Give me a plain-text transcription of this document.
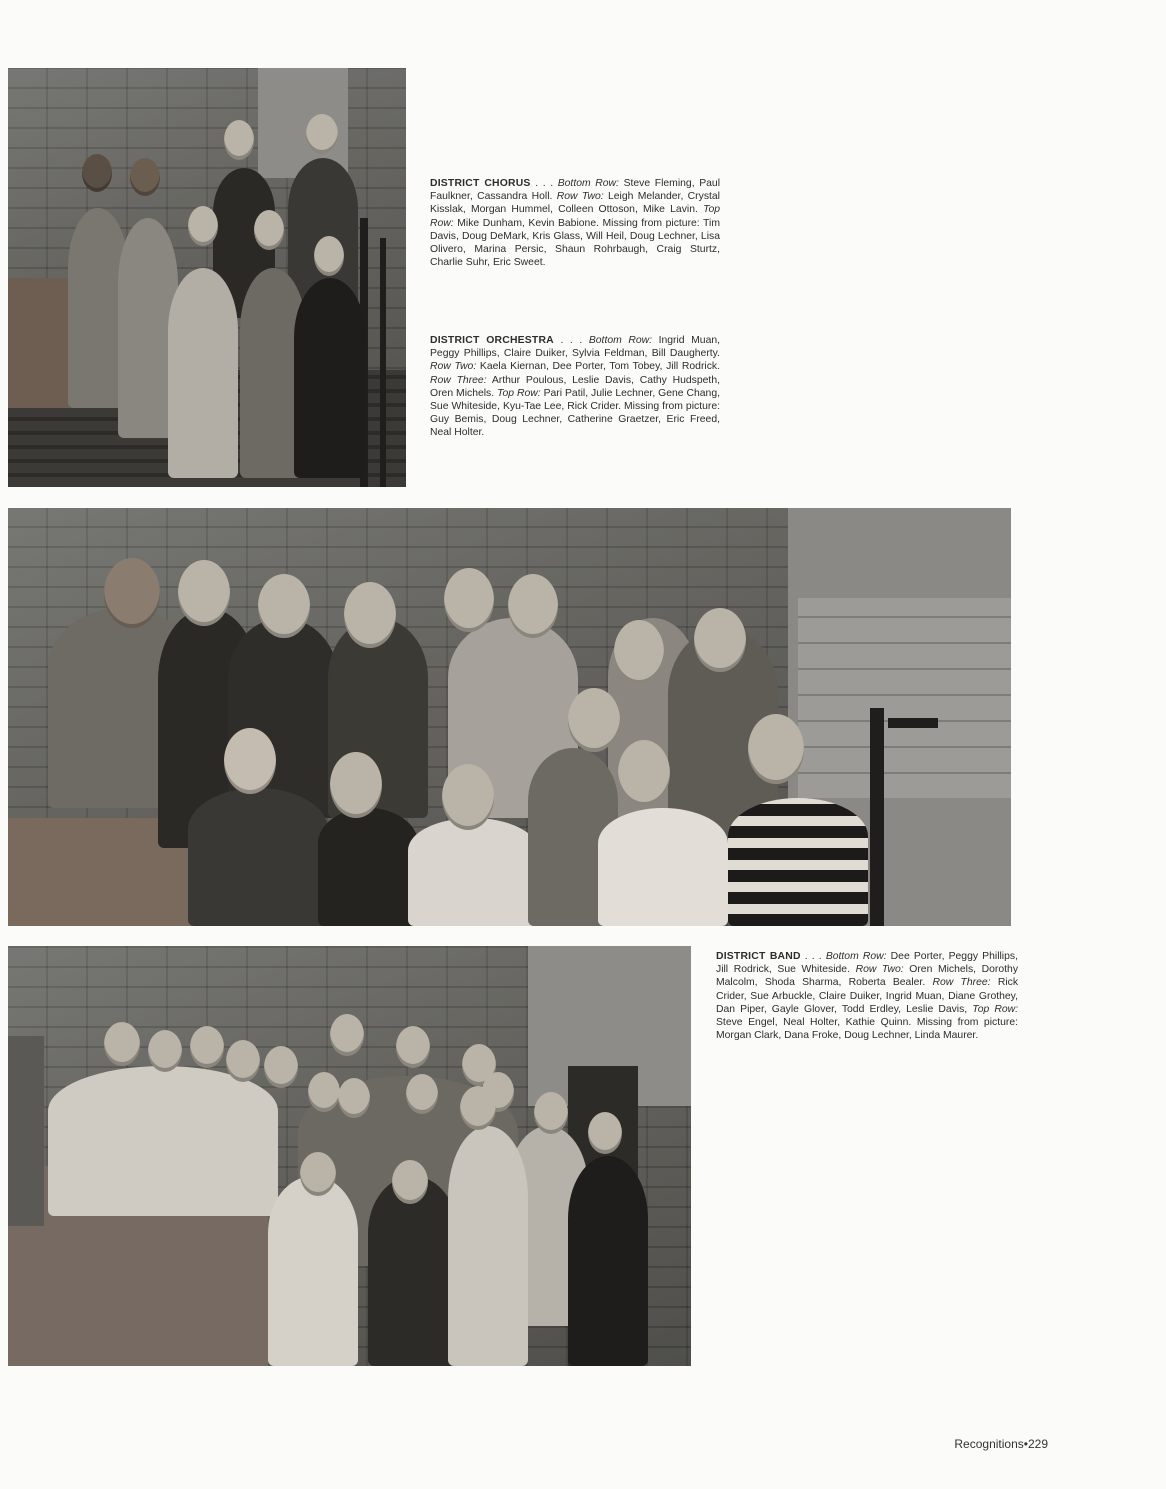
DISTRICT CHORUS . . . Bottom Row: Steve Fleming, Paul Faulkner, Cassandra Holl. Row Two: Leigh Melander, Crystal Kisslak, Morgan Hummel, Colleen Ottoson, Mike Lavin. Top Row: Mike Dunham, Kevin Babione. Missing from picture: Tim Davis, Doug DeMark, Kris Glass, Will Heil, Doug Lechner, Lisa Olivero, Marina Persic, Shaun Rohrbaugh, Craig Sturtz, Charlie Suhr, Eric Sweet.
DISTRICT ORCHESTRA . . . Bottom Row: Ingrid Muan, Peggy Phillips, Claire Duiker, Sylvia Feldman, Bill Daugherty. Row Two: Kaela Kiernan, Dee Porter, Tom Tobey, Jill Rodrick. Row Three: Arthur Poulous, Leslie Davis, Cathy Hudspeth, Oren Michels. Top Row: Pari Patil, Julie Lechner, Gene Chang, Sue Whiteside, Kyu-Tae Lee, Rick Crider. Missing from picture: Guy Bemis, Doug Lechner, Catherine Graetzer, Eric Freed, Neal Holter.
DISTRICT BAND . . . Bottom Row: Dee Porter, Peggy Phillips, Jill Rodrick, Sue Whiteside. Row Two: Oren Michels, Dorothy Malcolm, Shoda Sharma, Roberta Bealer. Row Three: Rick Crider, Sue Arbuckle, Claire Duiker, Ingrid Muan, Diane Grothey, Dan Piper, Gayle Glover, Todd Erdley, Leslie Davis, Top Row: Steve Engel, Neal Holter, Kathie Quinn. Missing from picture: Morgan Clark, Dana Froke, Doug Lechner, Linda Maurer.
Recognitions•229
